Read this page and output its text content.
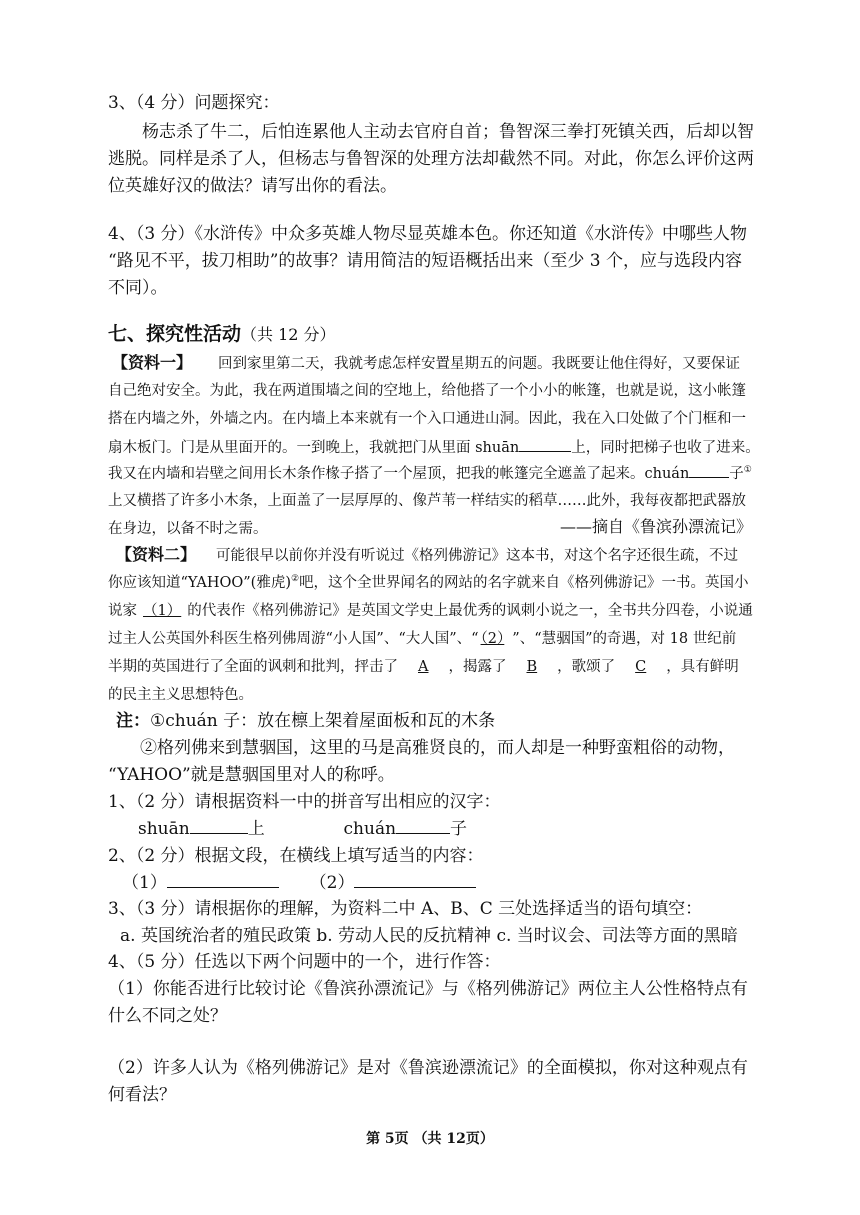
3、（4 分）问题探究：
杨志杀了牛二，后怕连累他人主动去官府自首；鲁智深三拳打死镇关西，后却以智
逃脱。同样是杀了人，但杨志与鲁智深的处理方法却截然不同。对此，你怎么评价这两
位英雄好汉的做法？请写出你的看法。
4、（3 分）《水浒传》中众多英雄人物尽显英雄本色。你还知道《水浒传》中哪些人物
“路见不平，拔刀相助”的故事？请用简洁的短语概括出来（至少 3 个，应与选段内容
不同）。
七、探究性活动（共 12 分）
【资料一】 回到家里第二天，我就考虑怎样安置星期五的问题。我既要让他住得好，又要保证
自己绝对安全。为此，我在两道围墙之间的空地上，给他搭了一个小小的帐篷，也就是说，这小帐篷
搭在内墙之外，外墙之内。在内墙上本来就有一个入口通进山洞。因此，我在入口处做了个门框和一
扇木板门。门是从里面开的。一到晚上，我就把门从里面 shuān	上，同时把梯子也收了进来。
我又在内墙和岩壁之间用长木条作椽子搭了一个屋顶，把我的帐篷完全遮盖了起来。chuán	子①
上又横搭了许多小木条，上面盖了一层厚厚的、像芦苇一样结实的稻草……此外，我每夜都把武器放
在身边，以备不时之需。	——摘自《鲁滨孙漂流记》
【资料二】 可能很早以前你并没有听说过《格列佛游记》这本书，对这个名字还很生疏，不过
你应该知道“YAHOO”(雅虎)②吧，这个全世界闻名的网站的名字就来自《格列佛游记》一书。英国小
说家 （1） 的代表作《格列佛游记》是英国文学史上最优秀的讽刺小说之一，全书共分四卷，小说通
过主人公英国外科医生格列佛周游“小人国”、“大人国”、“ （2） ”、“慧骃国”的奇遇，对 18 世纪前
半期的英国进行了全面的讽刺和批判，抨击了 A ，揭露了 B ，歌颂了 C ，具有鲜明
的民主主义思想特色。
注：①chuán 子：放在檩上架着屋面板和瓦的木条
②格列佛来到慧骃国，这里的马是高雅贤良的，而人却是一种野蛮粗俗的动物，
“YAHOO”就是慧骃国里对人的称呼。
1、（2 分）请根据资料一中的拼音写出相应的汉字：
shuān	上	chuán	子
2、（2 分）根据文段，在横线上填写适当的内容：
（1）	（2）
3、（3 分）请根据你的理解，为资料二中 A、B、C 三处选择适当的语句填空：
a. 英国统治者的殖民政策 b. 劳动人民的反抗精神 c. 当时议会、司法等方面的黑暗
4、（5 分）任选以下两个问题中的一个，进行作答：
（1）你能否进行比较讨论《鲁滨孙漂流记》与《格列佛游记》两位主人公性格特点有
什么不同之处？
（2）许多人认为《格列佛游记》是对《鲁滨逊漂流记》的全面模拟，你对这种观点有
何看法？
第 5页 （共 12页）
